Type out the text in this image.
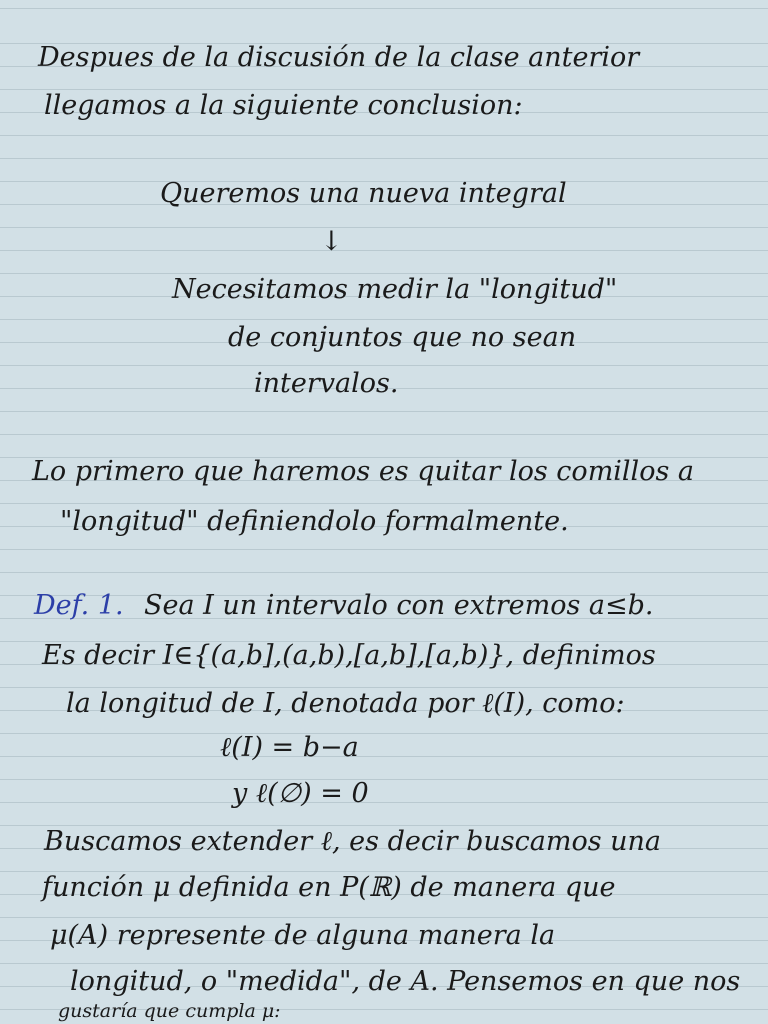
Despues de la discusión de la clase anterior
llegamos a la siguiente conclusion:
Queremos una nueva integral
↓
Necesitamos medir la "longitud"
de conjuntos que no sean
intervalos.
Lo primero que haremos es quitar los comillos a
"longitud" definiendolo formalmente.
Def. 1. Sea I un intervalo con extremos a≤b.
Es decir I∈{(a,b],(a,b),[a,b],[a,b)}, definimos
la longitud de I, denotada por ℓ(I), como:
ℓ(I) = b−a
y ℓ(∅) = 0
Buscamos extender ℓ, es decir buscamos una
función μ definida en P(ℝ) de manera que
μ(A) represente de alguna manera la
longitud, o "medida", de A. Pensemos en que nos
gustaría que cumpla μ:
